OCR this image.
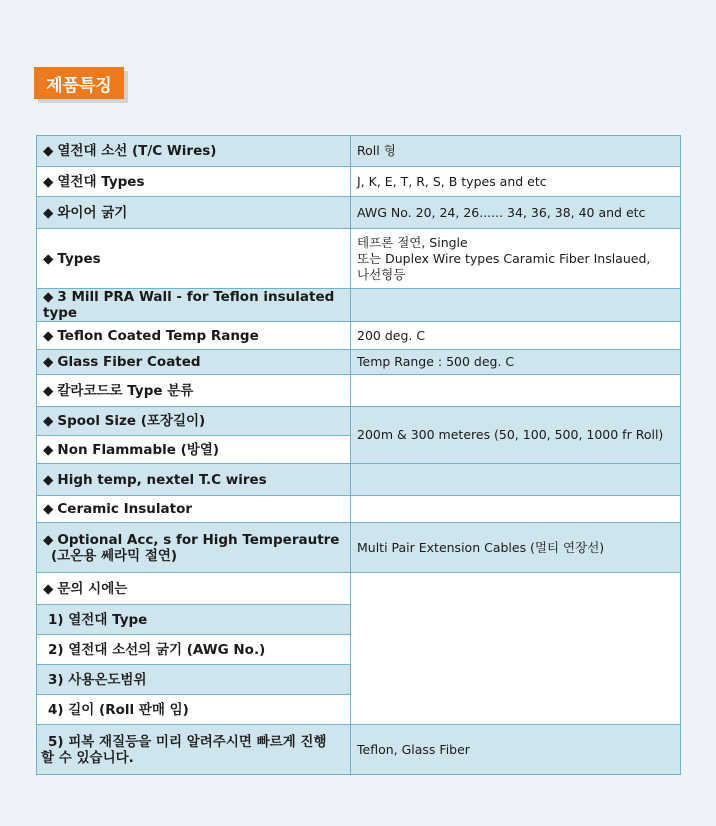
제품특징
◆ 열전대 소선 (T/C Wires)	Roll 형
◆ 열전대 Types	J, K, E, T, R, S, B types and etc
◆ 와이어 굵기	AWG No. 20, 24, 26...... 34, 36, 38, 40 and etc
◆ Types	테프론 절연, Single
또는 Duplex Wire types Caramic Fiber Inslaued,
나선형등

◆ 3 Mill PRA Wall - for Teflon insulated type	
◆ Teflon Coated Temp Range	200 deg. C
◆ Glass Fiber Coated	Temp Range : 500 deg. C
◆ 칼라코드로 Type 분류	
◆ Spool Size (포장길이)	200m & 300 meteres (50, 100, 500, 1000 fr Roll)
◆ Non Flammable (방열)	
◆ High temp, nextel T.C wires	
◆ Ceramic Insulator	

◆ Optional Acc, s for High Temperautre
(고온용 쎄라믹 절연)	Multi Pair Extension Cables (멀티 연장선)
◆ 문의 시에는	
1) 열전대 Type	
2) 열전대 소선의 굵기 (AWG No.)	
3) 사용온도범위	
4) 길이 (Roll 판매 임)	

5) 피복 재질등을 미리 알려주시면 빠르게 진행
할 수 있습니다.	Teflon, Glass Fiber
